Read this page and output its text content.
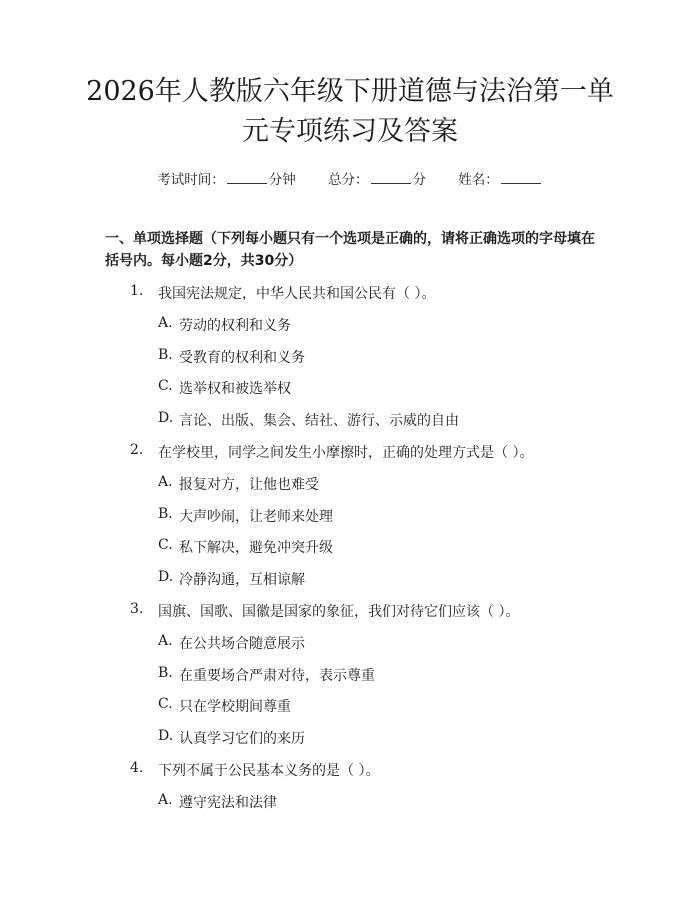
2026年人教版六年级下册道德与法治第一单
元专项练习及答案
考试时间：	分钟 总分：	分 姓名：
一、单项选择题（下列每小题只有一个选项是正确的，请将正确选项的字母填在括号内。每小题2分，共30分）
1. 我国宪法规定，中华人民共和国公民有（ ）。
A. 劳动的权利和义务
B. 受教育的权利和义务
C. 选举权和被选举权
D. 言论、出版、集会、结社、游行、示威的自由
2. 在学校里，同学之间发生小摩擦时，正确的处理方式是（ ）。
A. 报复对方，让他也难受
B. 大声吵闹，让老师来处理
C. 私下解决，避免冲突升级
D. 冷静沟通，互相谅解
3. 国旗、国歌、国徽是国家的象征，我们对待它们应该（ ）。
A. 在公共场合随意展示
B. 在重要场合严肃对待，表示尊重
C. 只在学校期间尊重
D. 认真学习它们的来历
4. 下列不属于公民基本义务的是（ ）。
A. 遵守宪法和法律
